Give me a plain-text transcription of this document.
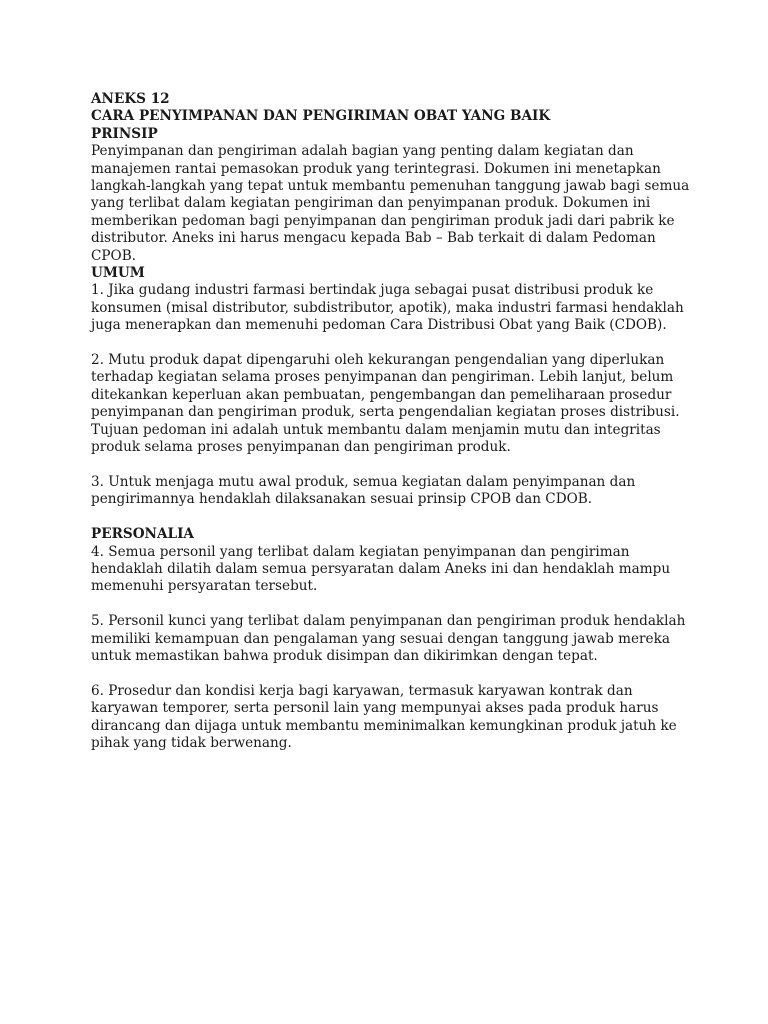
ANEKS 12

CARA PENYIMPANAN DAN PENGIRIMAN OBAT YANG BAIK

PRINSIP

Penyimpanan dan pengiriman adalah bagian yang penting dalam kegiatan dan manajemen rantai pemasokan produk yang terintegrasi. Dokumen ini menetapkan langkah-langkah yang tepat untuk membantu pemenuhan tanggung jawab bagi semua yang terlibat dalam kegiatan pengiriman dan penyimpanan produk. Dokumen ini memberikan pedoman bagi penyimpanan dan pengiriman produk jadi dari pabrik ke distributor. Aneks ini harus mengacu kepada Bab – Bab terkait di dalam Pedoman CPOB.

UMUM

1. Jika gudang industri farmasi bertindak juga sebagai pusat distribusi produk ke konsumen (misal distributor, subdistributor, apotik), maka industri farmasi hendaklah juga menerapkan dan memenuhi pedoman Cara Distribusi Obat yang Baik (CDOB).

2. Mutu produk dapat dipengaruhi oleh kekurangan pengendalian yang diperlukan terhadap kegiatan selama proses penyimpanan dan pengiriman. Lebih lanjut, belum ditekankan keperluan akan pembuatan, pengembangan dan pemeliharaan prosedur penyimpanan dan pengiriman produk, serta pengendalian kegiatan proses distribusi. Tujuan pedoman ini adalah untuk membantu dalam menjamin mutu dan integritas produk selama proses penyimpanan dan pengiriman produk.

3. Untuk menjaga mutu awal produk, semua kegiatan dalam penyimpanan dan pengirimannya hendaklah dilaksanakan sesuai prinsip CPOB dan CDOB.

PERSONALIA

4. Semua personil yang terlibat dalam kegiatan penyimpanan dan pengiriman hendaklah dilatih dalam semua persyaratan dalam Aneks ini dan hendaklah mampu memenuhi persyaratan tersebut.

5. Personil kunci yang terlibat dalam penyimpanan dan pengiriman produk hendaklah memiliki kemampuan dan pengalaman yang sesuai dengan tanggung jawab mereka untuk memastikan bahwa produk disimpan dan dikirimkan dengan tepat.

6. Prosedur dan kondisi kerja bagi karyawan, termasuk karyawan kontrak dan karyawan temporer, serta personil lain yang mempunyai akses pada produk harus dirancang dan dijaga untuk membantu meminimalkan kemungkinan produk jatuh ke pihak yang tidak berwenang.
